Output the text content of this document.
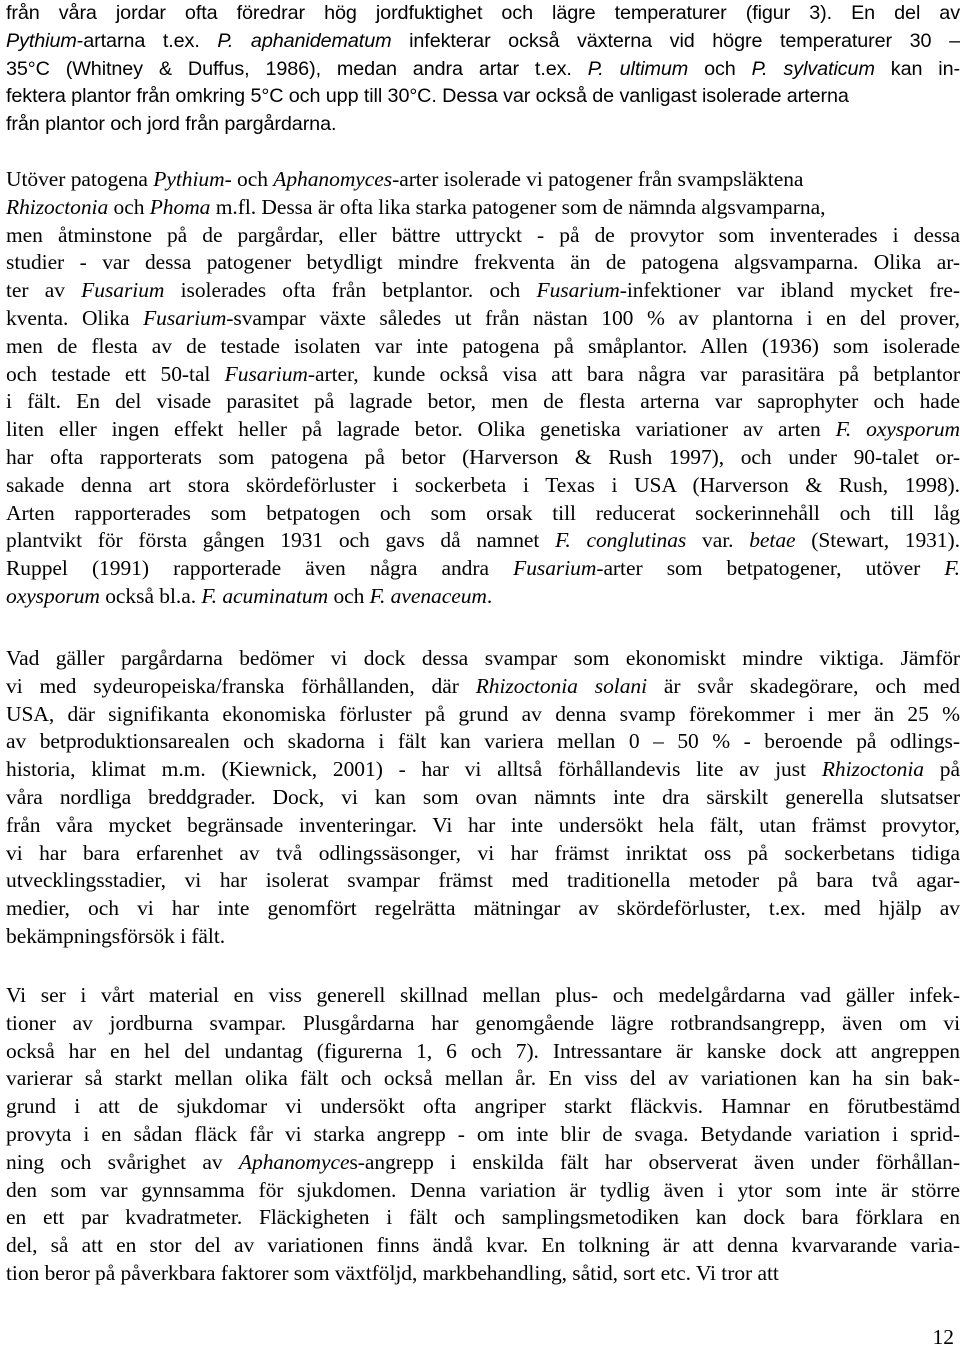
från våra jordar ofta föredrar hög jordfuktighet och lägre temperaturer (figur 3). En del av
Pythium-artarna t.ex. P. aphanidematum infekterar också växterna vid högre temperaturer 30 –
35°C (Whitney & Duffus, 1986), medan andra artar t.ex. P. ultimum och P. sylvaticum kan in-
fektera plantor från omkring 5°C och upp till 30°C. Dessa var också de vanligast isolerade arterna
från plantor och jord från pargårdarna.
Utöver patogena Pythium- och Aphanomyces-arter isolerade vi patogener från svampsläktena
Rhizoctonia och Phoma m.fl. Dessa är ofta lika starka patogener som de nämnda algsvamparna,
men åtminstone på de pargårdar, eller bättre uttryckt - på de provytor som inventerades i dessa
studier - var dessa patogener betydligt mindre frekventa än de patogena algsvamparna. Olika ar-
ter av Fusarium isolerades ofta från betplantor. och Fusarium-infektioner var ibland mycket fre-
kventa. Olika Fusarium-svampar växte således ut från nästan 100 % av plantorna i en del prover,
men de flesta av de testade isolaten var inte patogena på småplantor. Allen (1936) som isolerade
och testade ett 50-tal Fusarium-arter, kunde också visa att bara några var parasitära på betplantor
i fält. En del visade parasitet på lagrade betor, men de flesta arterna var saprophyter och hade
liten eller ingen effekt heller på lagrade betor. Olika genetiska variationer av arten F. oxysporum
har ofta rapporterats som patogena på betor (Harverson & Rush 1997), och under 90-talet or-
sakade denna art stora skördeförluster i sockerbeta i Texas i USA (Harverson & Rush, 1998).
Arten rapporterades som betpatogen och som orsak till reducerat sockerinnehåll och till låg
plantvikt för första gången 1931 och gavs då namnet F. conglutinas var. betae (Stewart, 1931).
Ruppel (1991) rapporterade även några andra Fusarium-arter som betpatogener, utöver F.
oxysporum också bl.a. F. acuminatum och F. avenaceum.
Vad gäller pargårdarna bedömer vi dock dessa svampar som ekonomiskt mindre viktiga. Jämför
vi med sydeuropeiska/franska förhållanden, där Rhizoctonia solani är svår skadegörare, och med
USA, där signifikanta ekonomiska förluster på grund av denna svamp förekommer i mer än 25 %
av betproduktionsarealen och skadorna i fält kan variera mellan 0 – 50 % - beroende på odlings-
historia, klimat m.m. (Kiewnick, 2001) - har vi alltså förhållandevis lite av just Rhizoctonia på
våra nordliga breddgrader. Dock, vi kan som ovan nämnts inte dra särskilt generella slutsatser
från våra mycket begränsade inventeringar. Vi har inte undersökt hela fält, utan främst provytor,
vi har bara erfarenhet av två odlingssäsonger, vi har främst inriktat oss på sockerbetans tidiga
utvecklingsstadier, vi har isolerat svampar främst med traditionella metoder på bara två agar-
medier, och vi har inte genomfört regelrätta mätningar av skördeförluster, t.ex. med hjälp av
bekämpningsförsök i fält.
Vi ser i vårt material en viss generell skillnad mellan plus- och medelgårdarna vad gäller infek-
tioner av jordburna svampar. Plusgårdarna har genomgående lägre rotbrandsangrepp, även om vi
också har en hel del undantag (figurerna 1, 6 och 7). Intressantare är kanske dock att angreppen
varierar så starkt mellan olika fält och också mellan år. En viss del av variationen kan ha sin bak-
grund i att de sjukdomar vi undersökt ofta angriper starkt fläckvis. Hamnar en förutbestämd
provyta i en sådan fläck får vi starka angrepp - om inte blir de svaga. Betydande variation i sprid-
ning och svårighet av Aphanomyces-angrepp i enskilda fält har observerat även under förhållan-
den som var gynnsamma för sjukdomen. Denna variation är tydlig även i ytor som inte är större
en ett par kvadratmeter. Fläckigheten i fält och samplingsmetodiken kan dock bara förklara en
del, så att en stor del av variationen finns ändå kvar. En tolkning är att denna kvarvarande varia-
tion beror på påverkbara faktorer som växtföljd, markbehandling, såtid, sort etc. Vi tror att
12
